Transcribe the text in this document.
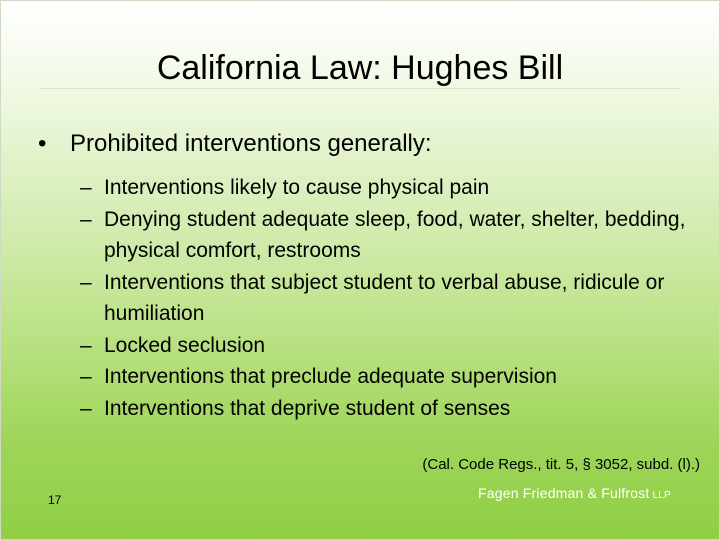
California Law: Hughes Bill
• Prohibited interventions generally:
– Interventions likely to cause physical pain
– Denying student adequate sleep, food, water, shelter, bedding, physical comfort, restrooms
– Interventions that subject student to verbal abuse, ridicule or humiliation
– Locked seclusion
– Interventions that preclude adequate supervision
– Interventions that deprive student of senses
(Cal. Code Regs., tit. 5, § 3052, subd. (l).)
17	Fagen Friedman & Fulfrost LLP
